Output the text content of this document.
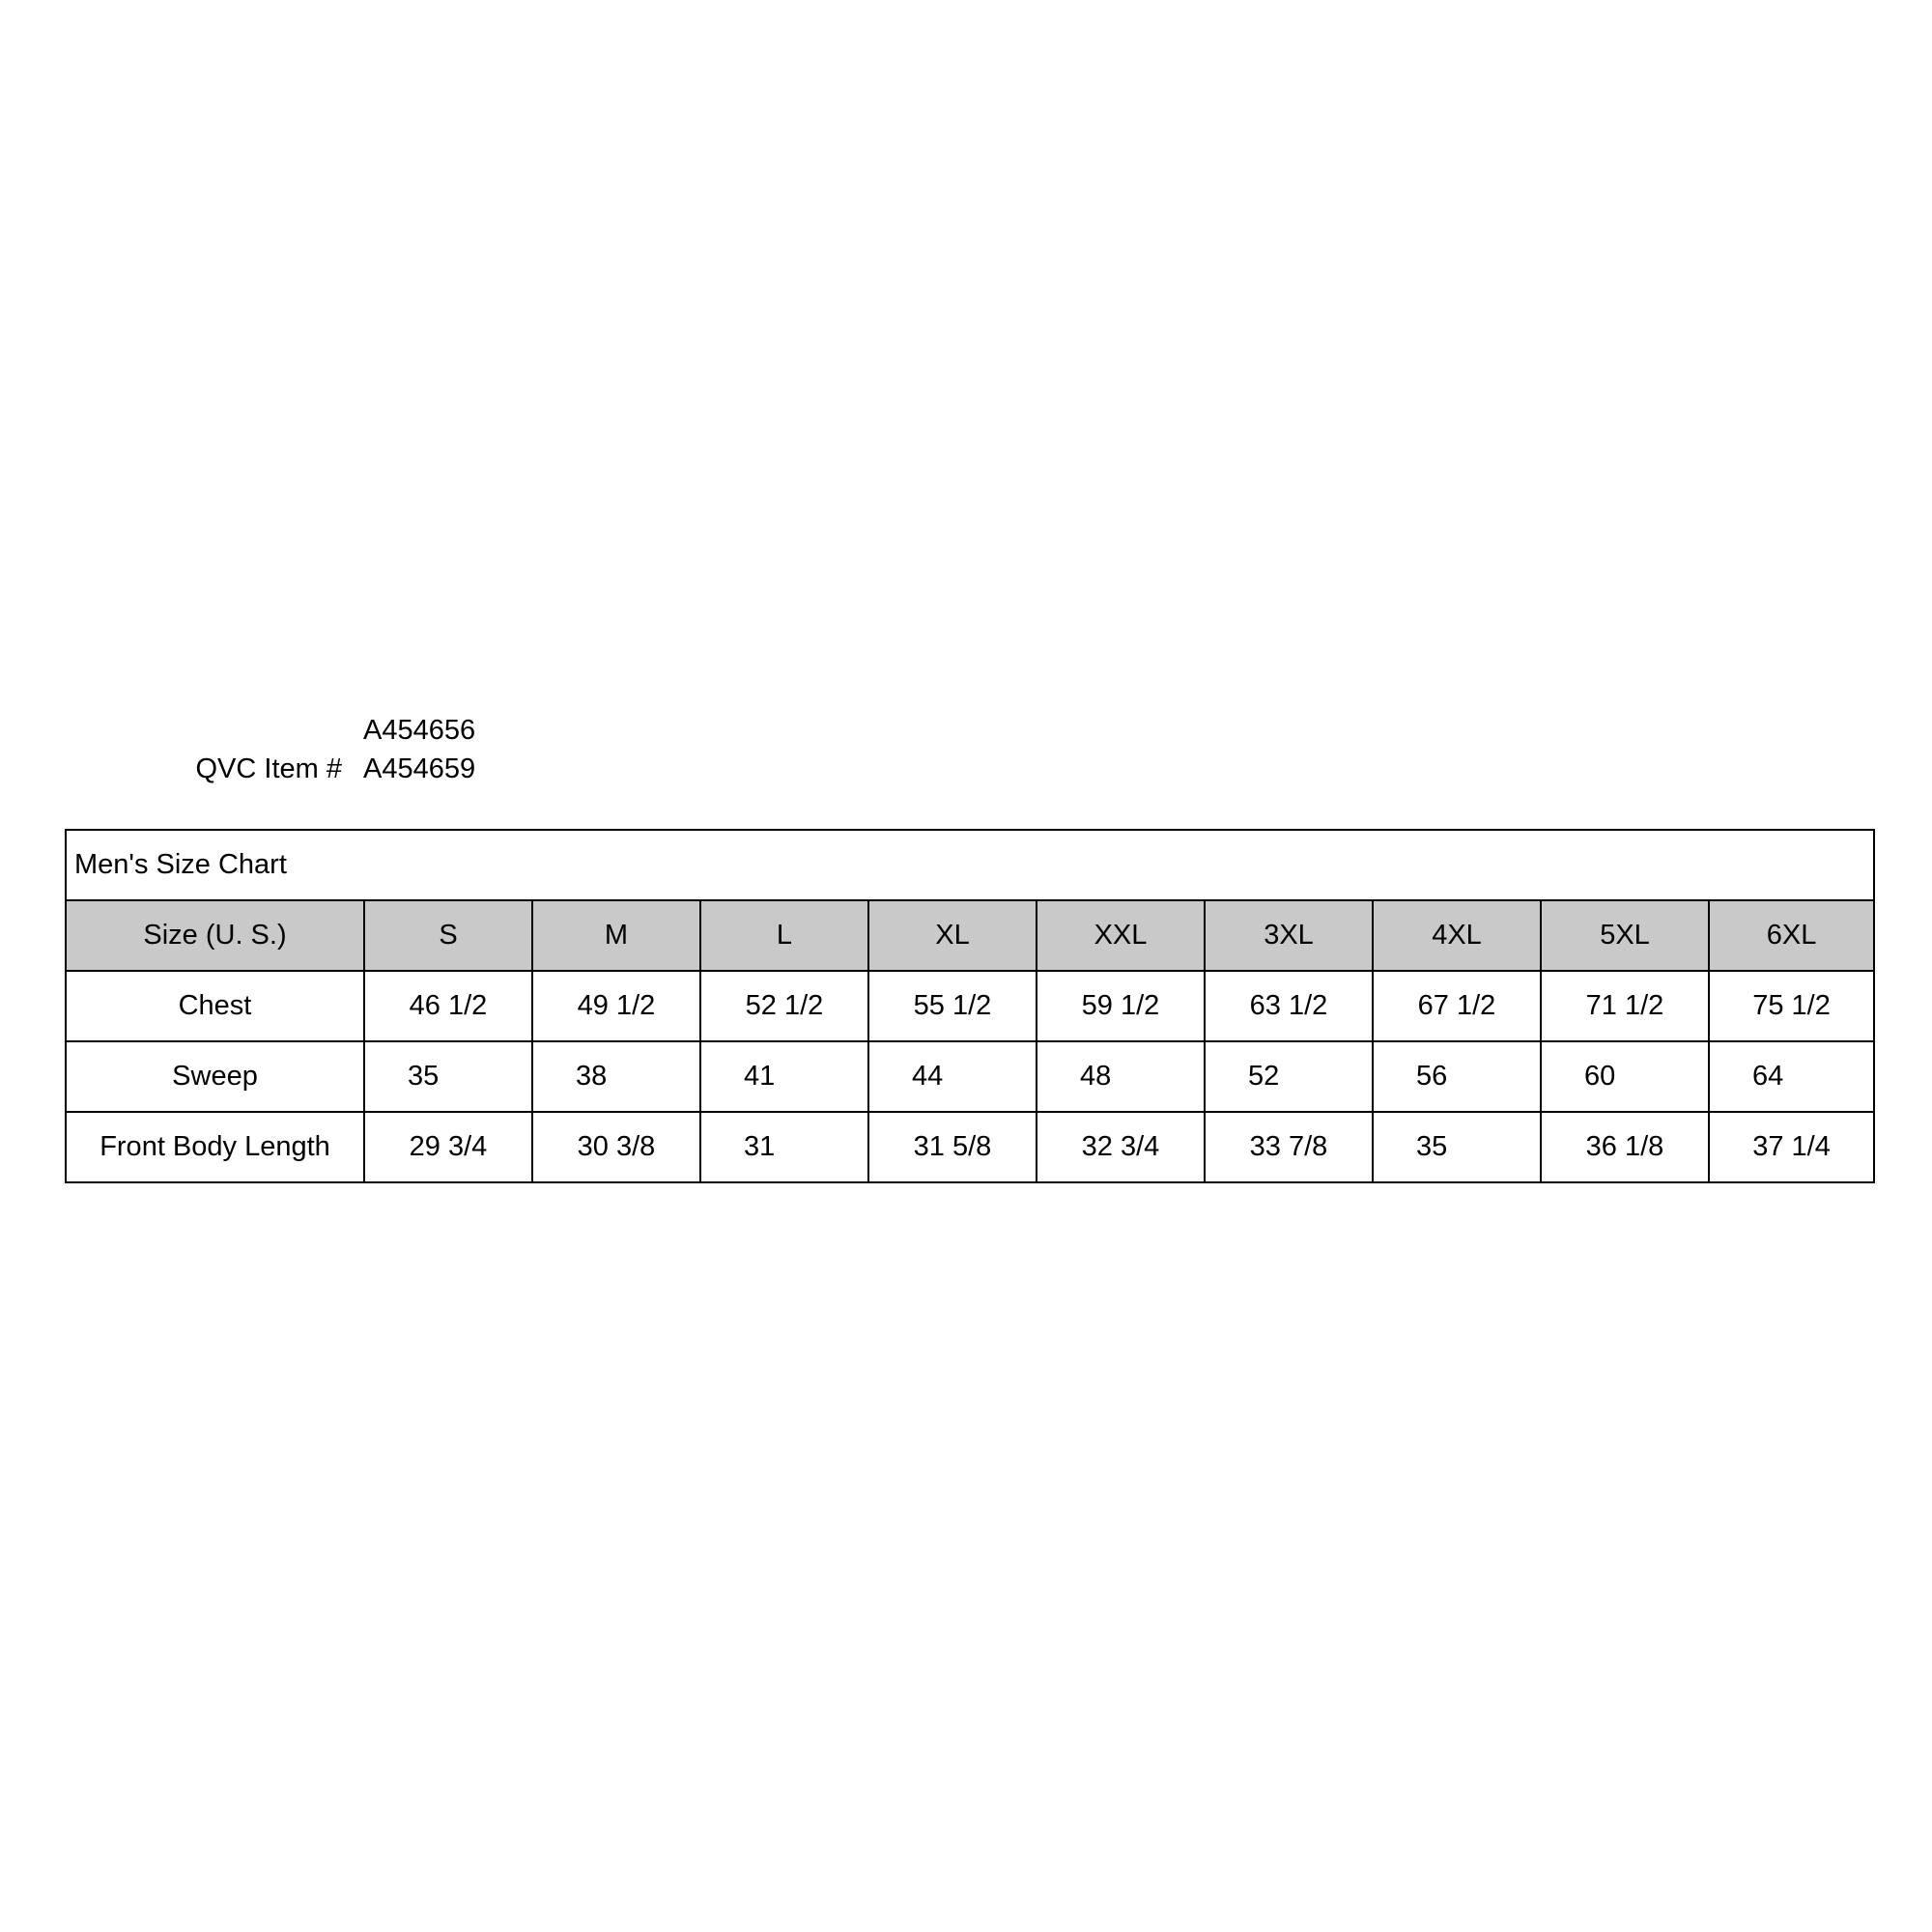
A454656
QVC Item # A454659
Men's Size Chart									
Size (U. S.)	S	M	L	XL	XXL	3XL	4XL	5XL	6XL
Chest	46 1/2	49 1/2	52 1/2	55 1/2	59 1/2	63 1/2	67 1/2	71 1/2	75 1/2
Sweep	35	38	41	44	48	52	56	60	64
Front Body Length	29 3/4	30 3/8	31	31 5/8	32 3/4	33 7/8	35	36 1/8	37 1/4
